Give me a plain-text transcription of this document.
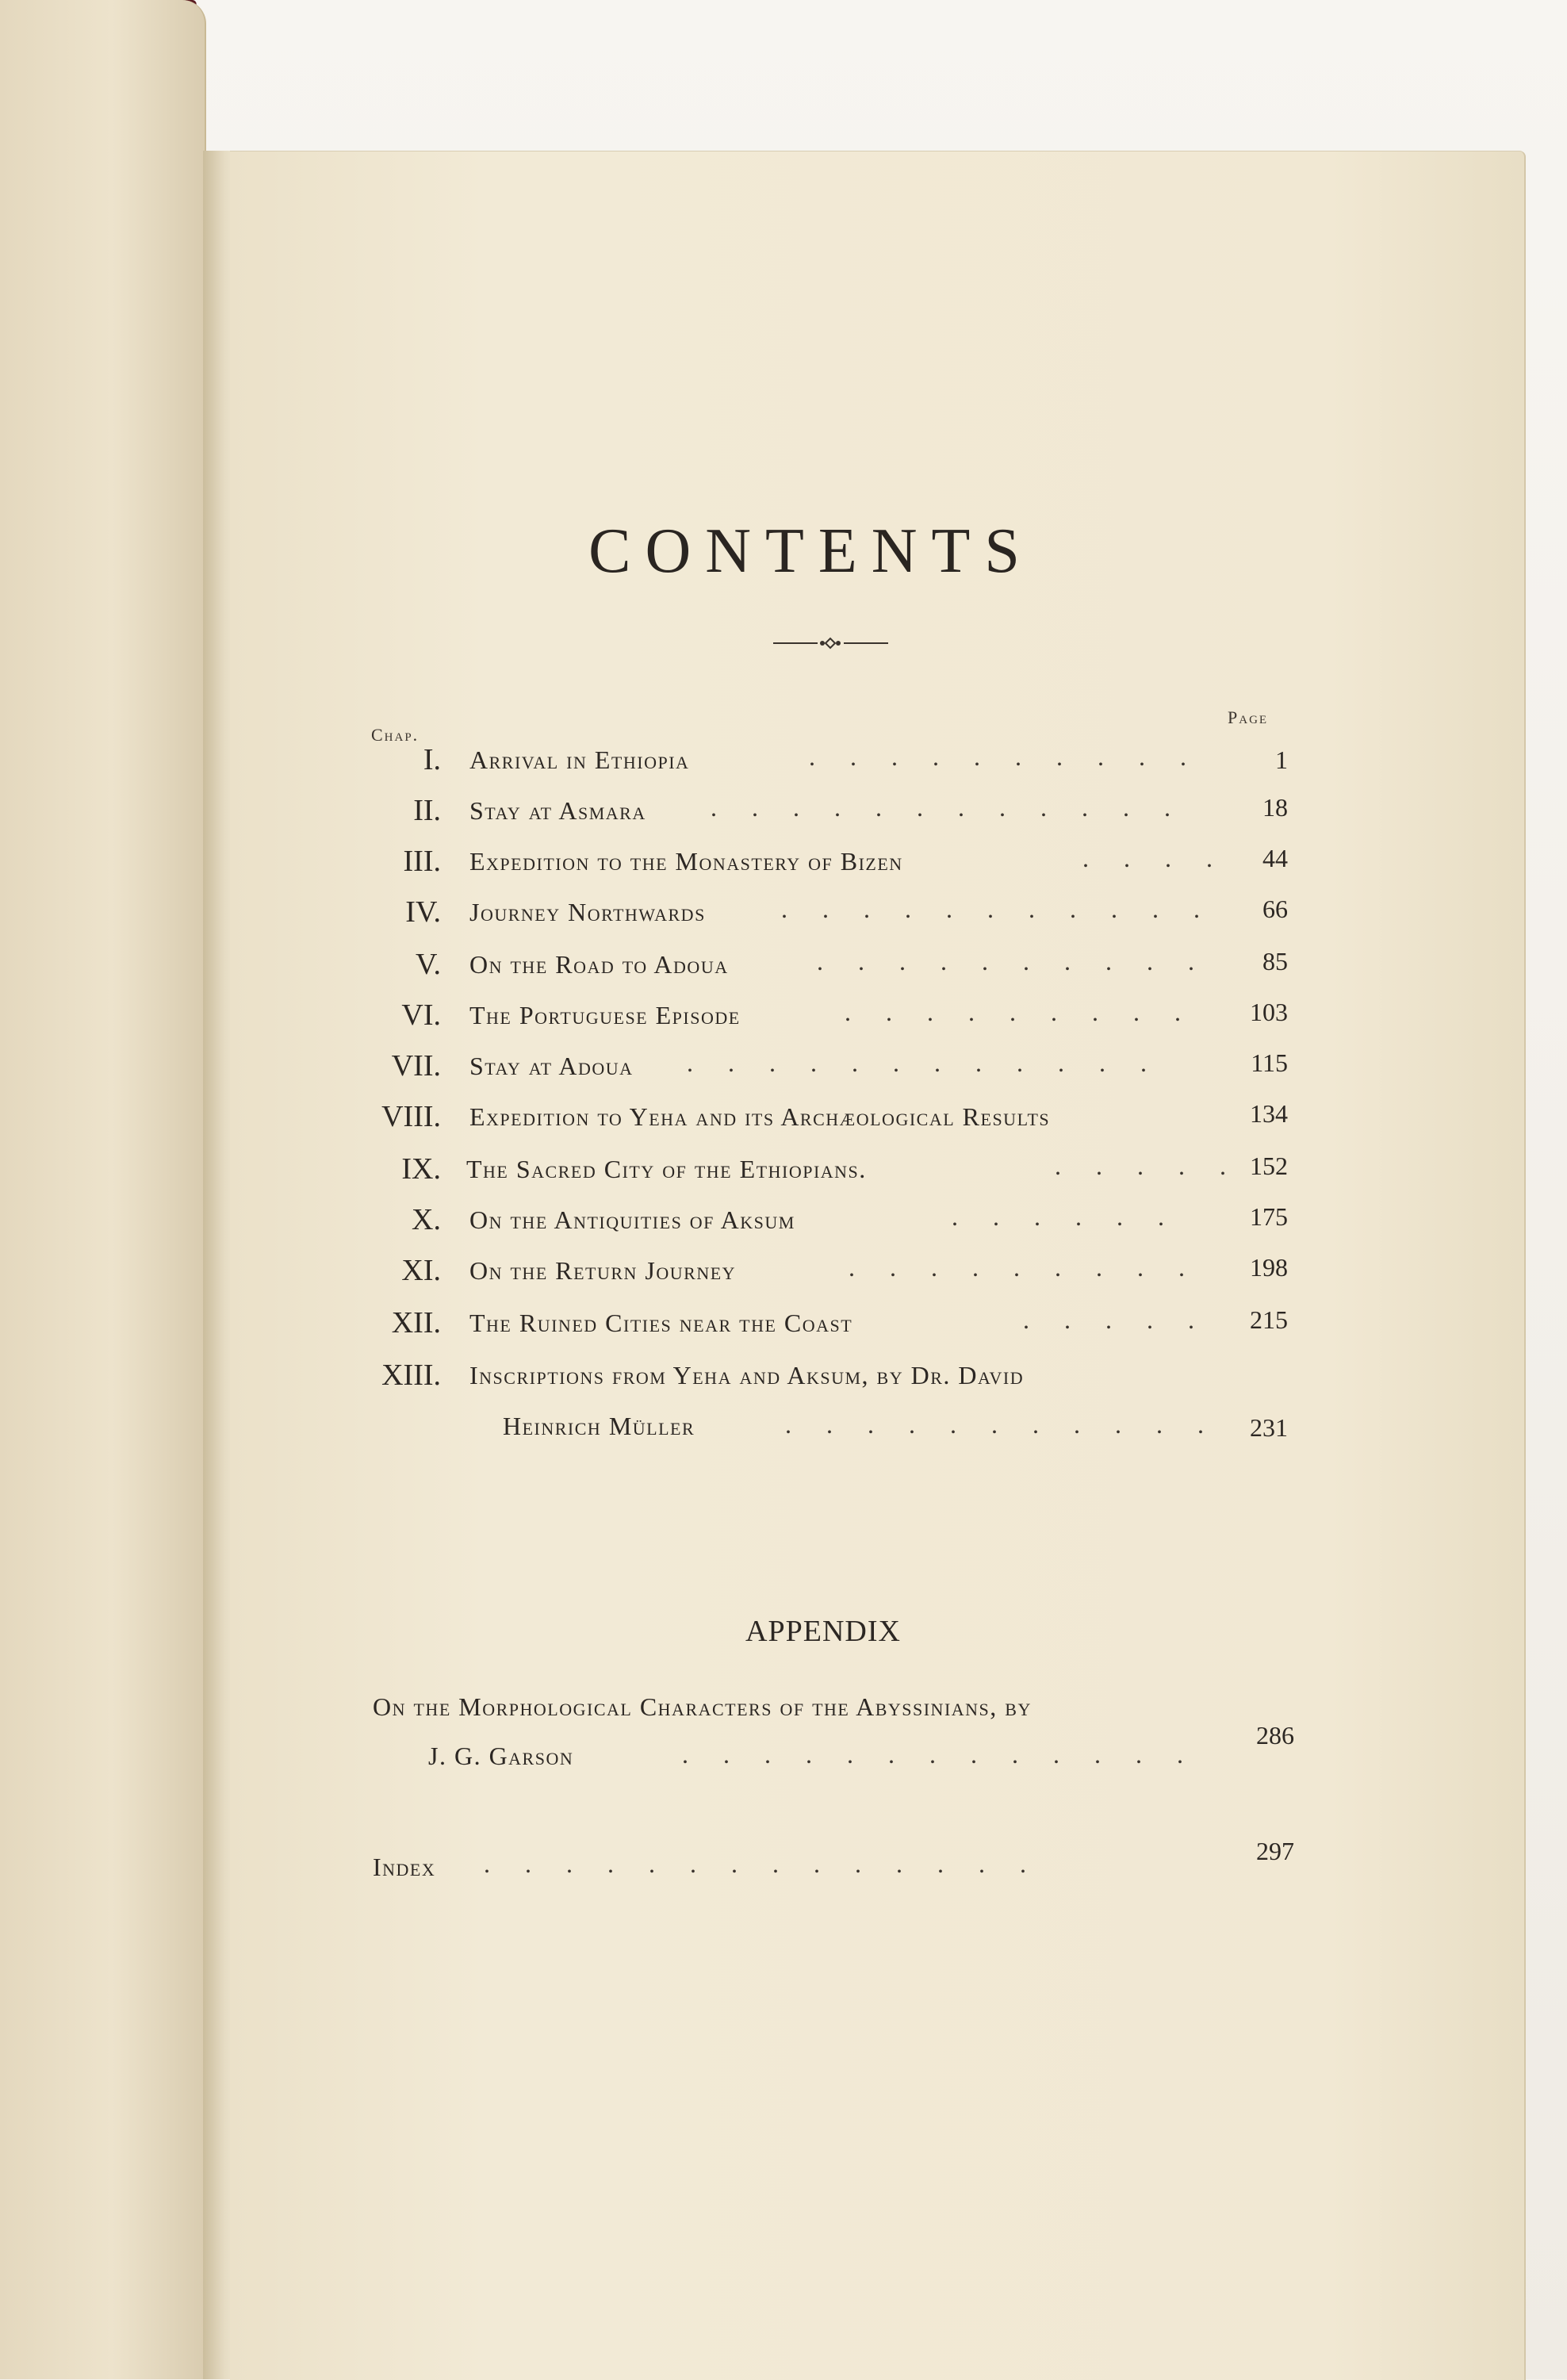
CONTENTS
Chap.
Page
I. Arrival in Ethiopia	. . . . . . . . . .	1
II. Stay at Asmara	. . . . . . . . . . . .	18
III. Expedition to the Monastery of Bizen	. . . . 44
IV. Journey Northwards	. . . . . . . . . . . 66
V. On the Road to Adoua	. . . . . . . . . . 85
VI. The Portuguese Episode	. . . . . . . . . 103
VII. Stay at Adoua . . . . . . . . . . . .	115
VIII. Expedition to Yeha and its Archæological Results	134
IX. The Sacred City of the Ethiopians.	. . . . . 152
X. On the Antiquities of Aksum	. . . . . .	175
XI. On the Return Journey	. . . . . . . . . 198
XII. The Ruined Cities near the Coast	. . . . . 215
XIII. Inscriptions from Yeha and Aksum, by Dr. David
Heinrich Müller	. . . . . . . . . . . 231
APPENDIX
On the Morphological Characters of the Abyssinians, by
J. G. Garson	. . . . . . . . . . . . .
286
Index . . . . . . . . . . . . . .	297
